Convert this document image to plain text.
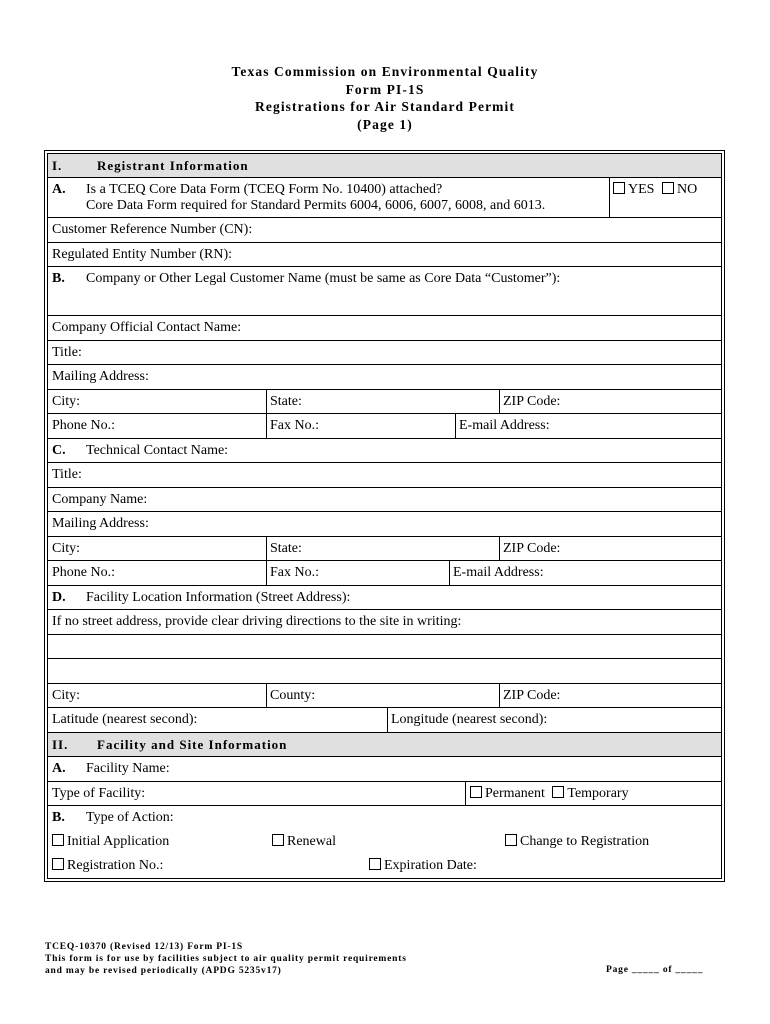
Texas Commission on Environmental Quality
Form PI-1S
Registrations for Air Standard Permit
(Page 1)
I.	Registrant Information
A. Is a TCEQ Core Data Form (TCEQ Form No. 10400) attached?
Core Data Form required for Standard Permits 6004, 6006, 6007, 6008, and 6013.
YES NO
Customer Reference Number (CN):
Regulated Entity Number (RN):
B. Company or Other Legal Customer Name (must be same as Core Data “Customer”):
Company Official Contact Name:
Title:
Mailing Address:
City:	State:	ZIP Code:
Phone No.:	Fax No.:	E-mail Address:
C. Technical Contact Name:
Title:
Company Name:
Mailing Address:
City:	State:	ZIP Code:
Phone No.:	Fax No.:	E-mail Address:
D. Facility Location Information (Street Address):
If no street address, provide clear driving directions to the site in writing:
City:	County:	ZIP Code:
Latitude (nearest second):	Longitude (nearest second):
II. Facility and Site Information
A. Facility Name:
Type of Facility:	Permanent Temporary
B. Type of Action:
Initial Application	Renewal	Change to Registration
Registration No.:	Expiration Date:
TCEQ-10370 (Revised 12/13) Form PI-1S
This form is for use by facilities subject to air quality permit requirements
and may be revised periodically (APDG 5235v17)	Page _____ of _____
